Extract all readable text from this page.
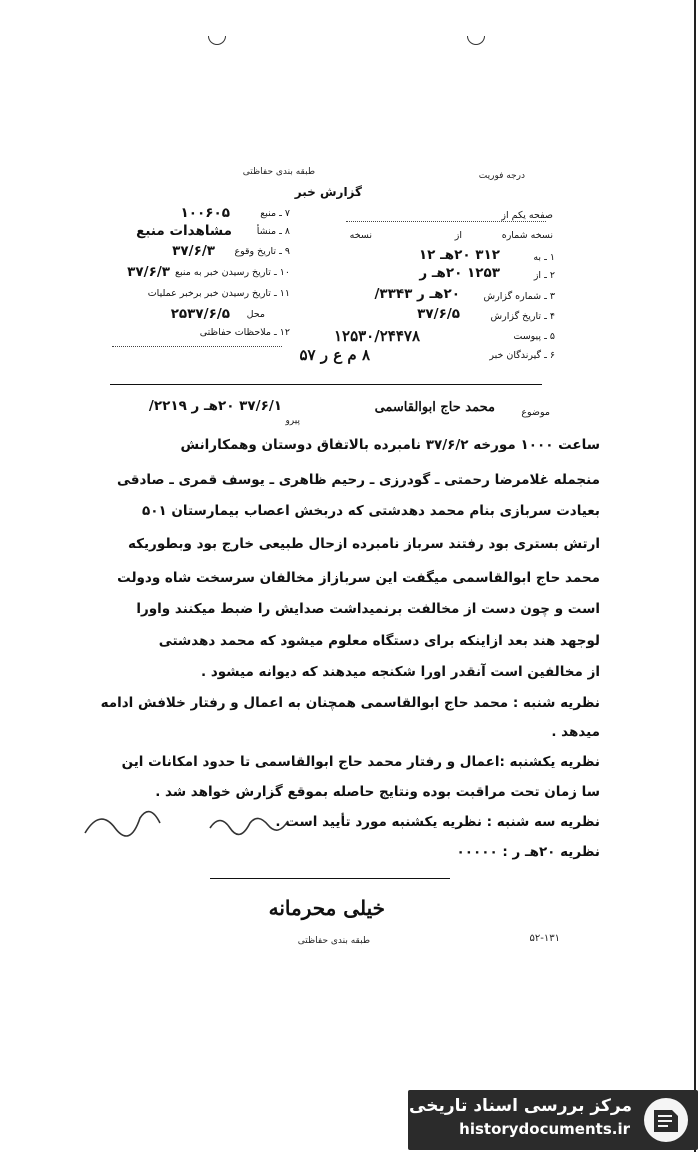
درجه فوریت
طبقه بندی حفاظتی
گزارش خبر
صفحه یکم از
نسخه شماره
از
نسخه
۷ ـ منبع
۱۰۰۶۰۵
۸ ـ منشأ
مشاهدات منبع
۹ ـ تاریخ وقوع
۳۷/۶/۳
۱۰ ـ تاریخ رسیدن خبر به منبع
۳۷/۶/۳
۱۱ ـ تاریخ رسیدن خبر برخبر عملیات
محل
۲۵۳۷/۶/۵
۱۲ ـ ملاحظات حفاظتی
۱ ـ به
۳۱۲ ۲۰هـ ۱۲
۲ ـ از
۱۲۵۳ ۲۰هـ ر
۳ ـ شماره گزارش
۲۰هـ ر ۳۳۴۳/
۴ ـ تاریخ گزارش
۳۷/۶/۵
۵ ـ پیوست
۱۲۵۳۰/۲۴۴۷۸
۶ ـ گیرندگان خبر
۸ م ع ر ۵۷
موضوع
محمد حاج ابوالقاسمی
۳۷/۶/۱ ۲۰هـ ر ۲۲۱۹/
پیرو
ساعت ۱۰۰۰ مورخه ۳۷/۶/۲ نامبرده بالاتفاق دوستان وهمکارانش
منجمله غلامرضا رحمتی ـ گودرزی ـ رحیم ظاهری ـ یوسف قمری ـ صادقی
بعیادت سربازی بنام محمد دهدشتی که دربخش اعصاب بیمارستان ۵۰۱
ارتش بستری بود رفتند سرباز نامبرده ازحال طبیعی خارج بود وبطوریکه
محمد حاج ابوالقاسمی میگفت این سربازاز مخالفان سرسخت شاه ودولت
است و چون دست از مخالفت برنمیداشت صدایش را ضبط میکنند واورا
لوجهد هند بعد ازاینکه برای دستگاه معلوم میشود که محمد دهدشتی
از مخالفین است آنقدر اورا شکنجه میدهند که دیوانه میشود .
نظریه شنبه : محمد حاج ابوالقاسمی همچنان به اعمال و رفتار خلافش ادامه
میدهد .
نظریه یکشنبه :اعمال و رفتار محمد حاج ابوالقاسمی تا حدود امکانات این
سا زمان تحت مراقبت بوده ونتایج حاصله بموقع گزارش خواهد شد .
نظریه سه شنبه : نظریه یکشنبه مورد تأیید است .
نظریه ۲۰هـ ر : ۰۰۰۰۰
خیلی محرمانه
طبقه بندی حفاظتی	۵۲-۱۳۱
مرکز بررسی اسناد تاریخی
historydocuments.ir
